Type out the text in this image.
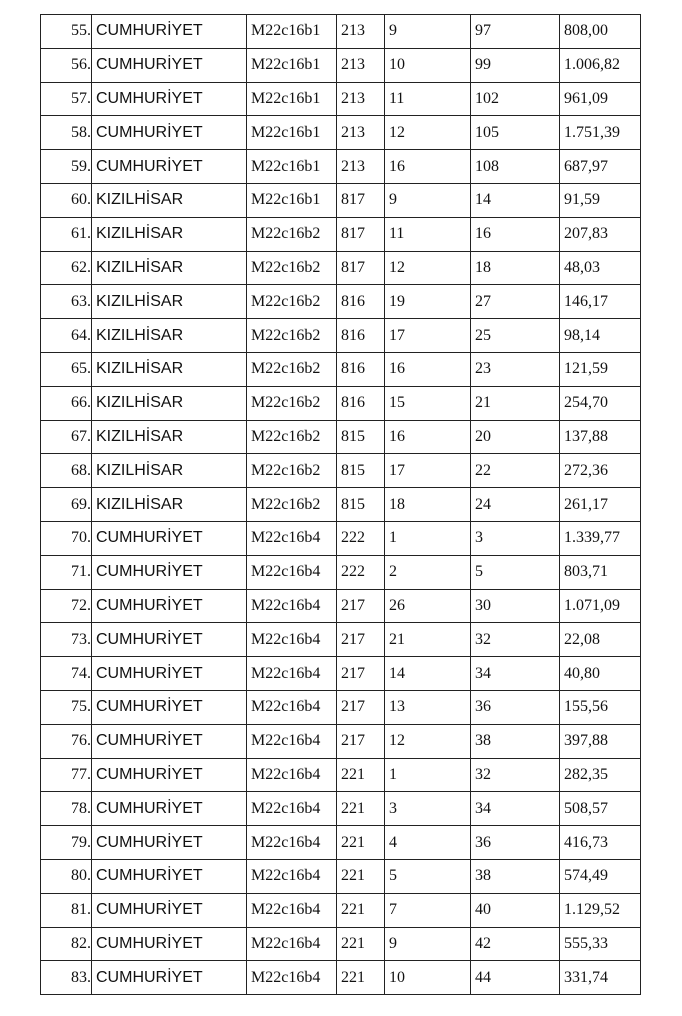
55.	CUMHURİYET	M22c16b1	213	9	97	808,00
56.	CUMHURİYET	M22c16b1	213	10	99	1.006,82
57.	CUMHURİYET	M22c16b1	213	11	102	961,09
58.	CUMHURİYET	M22c16b1	213	12	105	1.751,39
59.	CUMHURİYET	M22c16b1	213	16	108	687,97
60.	KIZILHİSAR	M22c16b1	817	9	14	91,59
61.	KIZILHİSAR	M22c16b2	817	11	16	207,83
62.	KIZILHİSAR	M22c16b2	817	12	18	48,03
63.	KIZILHİSAR	M22c16b2	816	19	27	146,17
64.	KIZILHİSAR	M22c16b2	816	17	25	98,14
65.	KIZILHİSAR	M22c16b2	816	16	23	121,59
66.	KIZILHİSAR	M22c16b2	816	15	21	254,70
67.	KIZILHİSAR	M22c16b2	815	16	20	137,88
68.	KIZILHİSAR	M22c16b2	815	17	22	272,36
69.	KIZILHİSAR	M22c16b2	815	18	24	261,17
70.	CUMHURİYET	M22c16b4	222	1	3	1.339,77
71.	CUMHURİYET	M22c16b4	222	2	5	803,71
72.	CUMHURİYET	M22c16b4	217	26	30	1.071,09
73.	CUMHURİYET	M22c16b4	217	21	32	22,08
74.	CUMHURİYET	M22c16b4	217	14	34	40,80
75.	CUMHURİYET	M22c16b4	217	13	36	155,56
76.	CUMHURİYET	M22c16b4	217	12	38	397,88
77.	CUMHURİYET	M22c16b4	221	1	32	282,35
78.	CUMHURİYET	M22c16b4	221	3	34	508,57
79.	CUMHURİYET	M22c16b4	221	4	36	416,73
80.	CUMHURİYET	M22c16b4	221	5	38	574,49
81.	CUMHURİYET	M22c16b4	221	7	40	1.129,52
82.	CUMHURİYET	M22c16b4	221	9	42	555,33
83.	CUMHURİYET	M22c16b4	221	10	44	331,74
